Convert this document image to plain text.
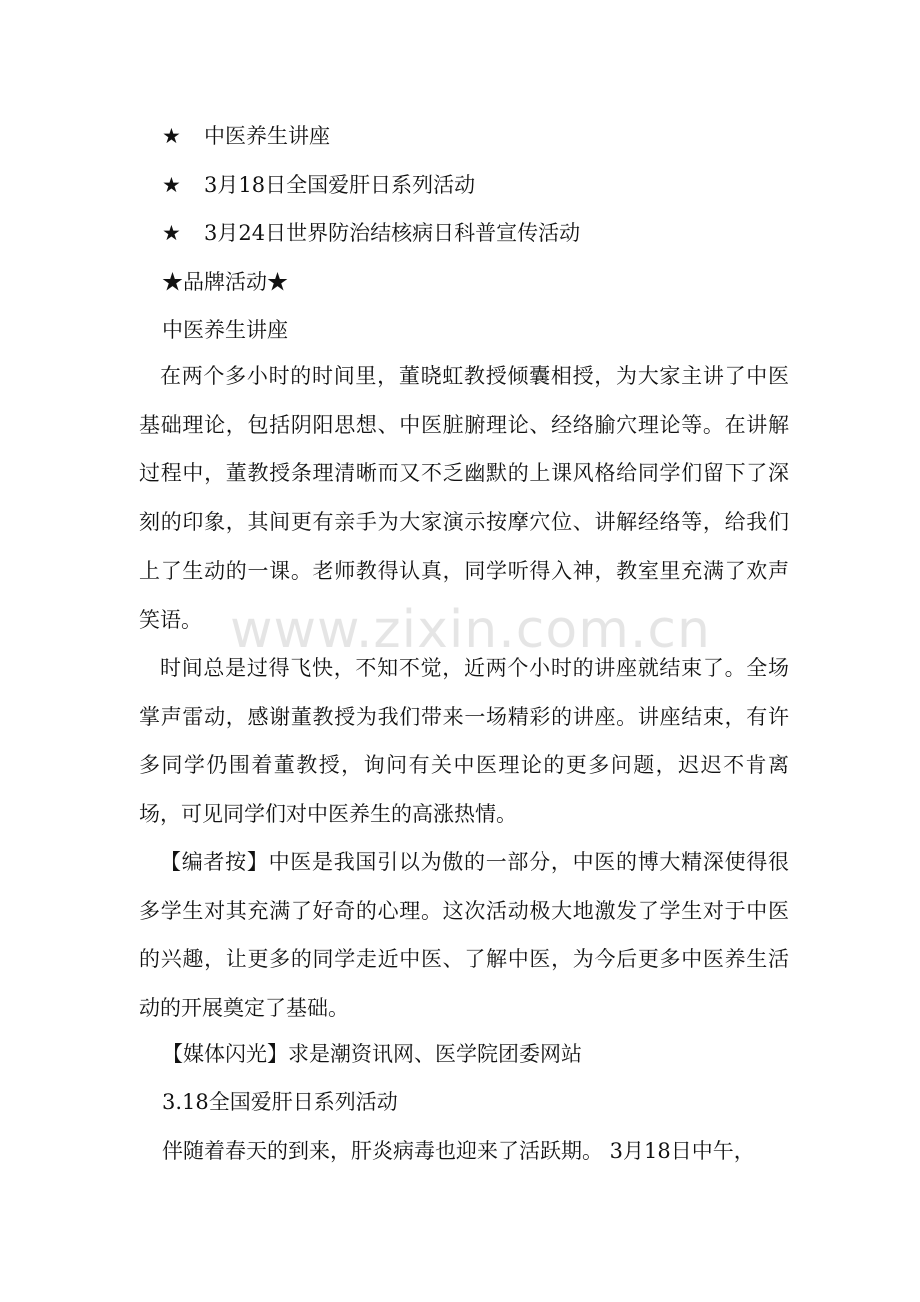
★ 中医养生讲座
★ 3月18日全国爱肝日系列活动
★ 3月24日世界防治结核病日科普宣传活动
★品牌活动★
中医养生讲座

在两个多小时的时间里，董晓虹教授倾囊相授，为大家主讲了中医基础理论，包括阴阳思想、中医脏腑理论、经络腧穴理论等。在讲解过程中，董教授条理清晰而又不乏幽默的上课风格给同学们留下了深刻的印象，其间更有亲手为大家演示按摩穴位、讲解经络等，给我们上了生动的一课。老师教得认真，同学听得入神，教室里充满了欢声笑语。

时间总是过得飞快，不知不觉，近两个小时的讲座就结束了。全场掌声雷动，感谢董教授为我们带来一场精彩的讲座。讲座结束，有许多同学仍围着董教授，询问有关中医理论的更多问题，迟迟不肯离场，可见同学们对中医养生的高涨热情。

【编者按】中医是我国引以为傲的一部分，中医的博大精深使得很多学生对其充满了好奇的心理。这次活动极大地激发了学生对于中医的兴趣，让更多的同学走近中医、了解中医，为今后更多中医养生活动的开展奠定了基础。

【媒体闪光】求是潮资讯网、医学院团委网站
3.18全国爱肝日系列活动
伴随着春天的到来，肝炎病毒也迎来了活跃期。 3月18日中午，
www.zixin.com.cn
